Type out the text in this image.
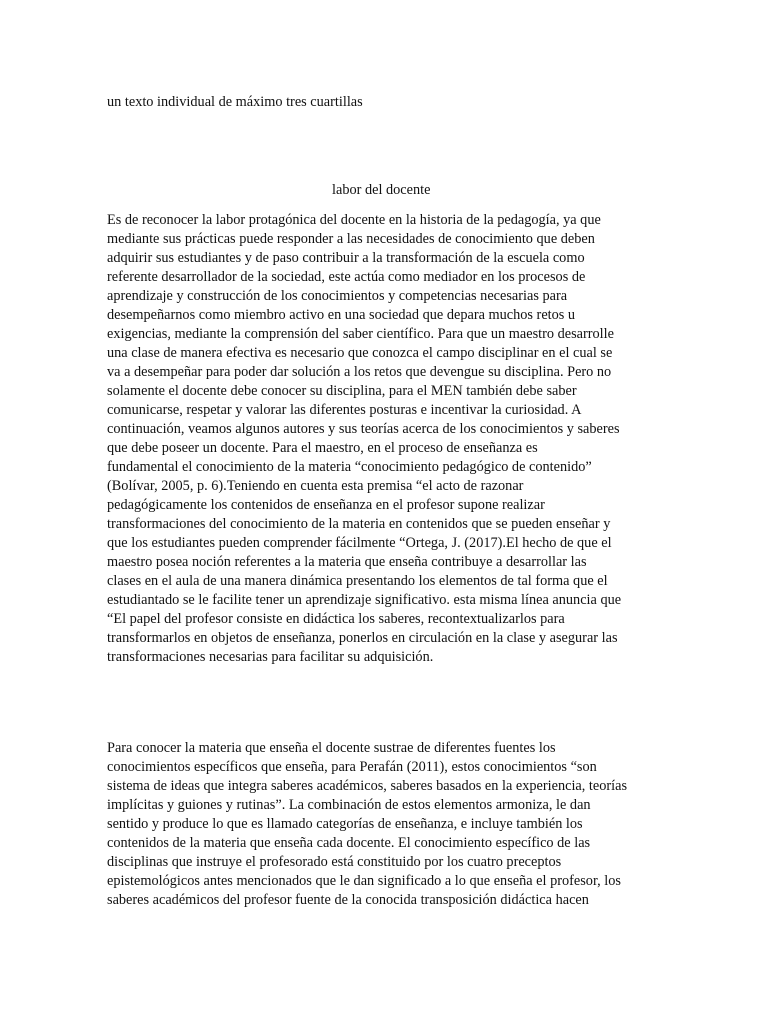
un texto individual de máximo tres cuartillas

labor del docente

Es de reconocer la labor protagónica del docente en la historia de la pedagogía, ya que

mediante sus prácticas puede responder a las necesidades de conocimiento que deben

adquirir sus estudiantes y de paso contribuir a la transformación de la escuela como

referente desarrollador de la sociedad, este actúa como mediador en los procesos de

aprendizaje y construcción de los conocimientos y competencias necesarias para

desempeñarnos como miembro activo en una sociedad que depara muchos retos u

exigencias, mediante la comprensión del saber científico. Para que un maestro desarrolle

una clase de manera efectiva es necesario que conozca el campo disciplinar en el cual se

va a desempeñar para poder dar solución a los retos que devengue su disciplina. Pero no

solamente el docente debe conocer su disciplina, para el MEN también debe saber

comunicarse, respetar y valorar las diferentes posturas e incentivar la curiosidad. A

continuación, veamos algunos autores y sus teorías acerca de los conocimientos y saberes

que debe poseer un docente. Para el maestro, en el proceso de enseñanza es

fundamental el conocimiento de la materia “conocimiento pedagógico de contenido”

(Bolívar, 2005, p. 6).Teniendo en cuenta esta premisa “el acto de razonar

pedagógicamente los contenidos de enseñanza en el profesor supone realizar

transformaciones del conocimiento de la materia en contenidos que se pueden enseñar y

que los estudiantes pueden comprender fácilmente “Ortega, J. (2017).El hecho de que el

maestro posea noción referentes a la materia que enseña contribuye a desarrollar las

clases en el aula de una manera dinámica presentando los elementos de tal forma que el

estudiantado se le facilite tener un aprendizaje significativo. esta misma línea anuncia que

“El papel del profesor consiste en didáctica los saberes, recontextualizarlos para

transformarlos en objetos de enseñanza, ponerlos en circulación en la clase y asegurar las

transformaciones necesarias para facilitar su adquisición.

Para conocer la materia que enseña el docente sustrae de diferentes fuentes los

conocimientos específicos que enseña, para Perafán (2011), estos conocimientos “son

sistema de ideas que integra saberes académicos, saberes basados en la experiencia, teorías

implícitas y guiones y rutinas”. La combinación de estos elementos armoniza, le dan

sentido y produce lo que es llamado categorías de enseñanza, e incluye también los

contenidos de la materia que enseña cada docente. El conocimiento específico de las

disciplinas que instruye el profesorado está constituido por los cuatro preceptos

epistemológicos antes mencionados que le dan significado a lo que enseña el profesor, los

saberes académicos del profesor fuente de la conocida transposición didáctica hacen
